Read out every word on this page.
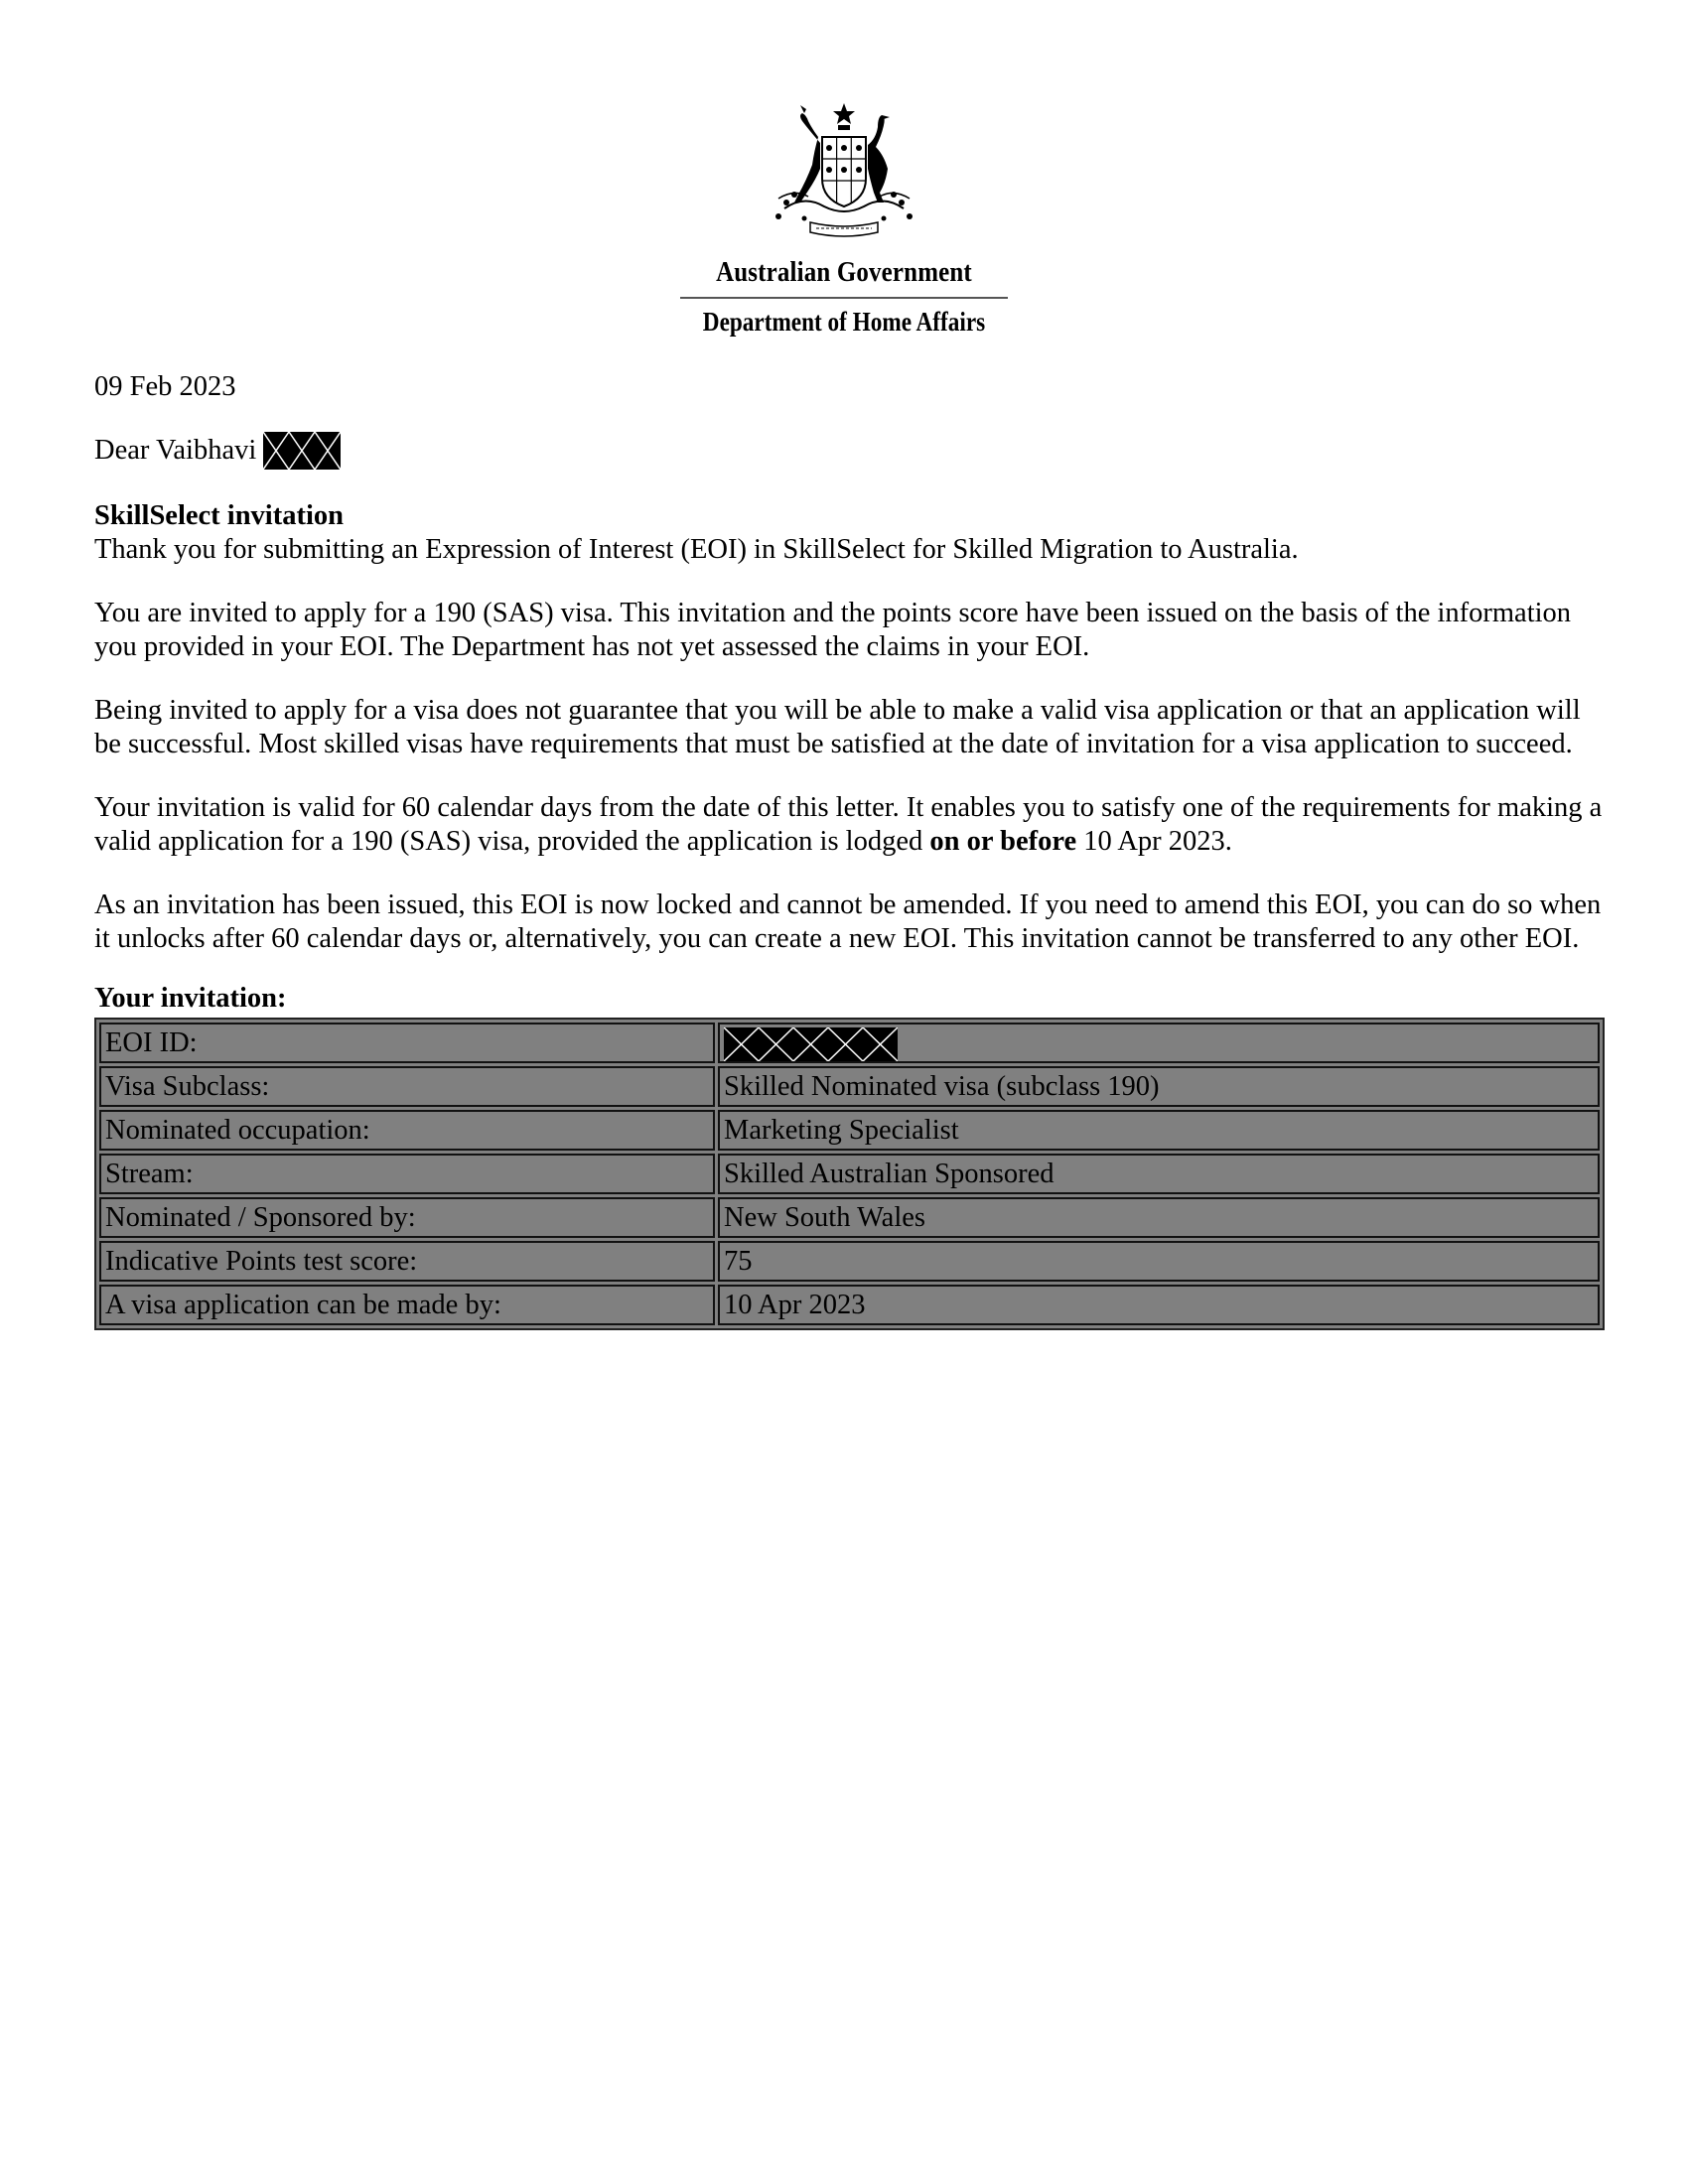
Australian Government
Department of Home Affairs

09 Feb 2023

Dear Vaibhavi

SkillSelect invitation
Thank you for submitting an Expression of Interest (EOI) in SkillSelect for Skilled Migration to Australia.

You are invited to apply for a 190 (SAS) visa. This invitation and the points score have been issued on the basis of the information you provided in your EOI. The Department has not yet assessed the claims in your EOI.

Being invited to apply for a visa does not guarantee that you will be able to make a valid visa application or that an application will be successful. Most skilled visas have requirements that must be satisfied at the date of invitation for a visa application to succeed.

Your invitation is valid for 60 calendar days from the date of this letter. It enables you to satisfy one of the requirements for making a valid application for a 190 (SAS) visa, provided the application is lodged on or before 10 Apr 2023.

As an invitation has been issued, this EOI is now locked and cannot be amended. If you need to amend this EOI, you can do so when it unlocks after 60 calendar days or, alternatively, you can create a new EOI. This invitation cannot be transferred to any other EOI.

Your invitation:
EOI ID:	

Visa Subclass:	Skilled Nominated visa (subclass 190)
Nominated occupation:	Marketing Specialist
Stream:	Skilled Australian Sponsored
Nominated / Sponsored by:	New South Wales
Indicative Points test score:	75
A visa application can be made by:	10 Apr 2023
